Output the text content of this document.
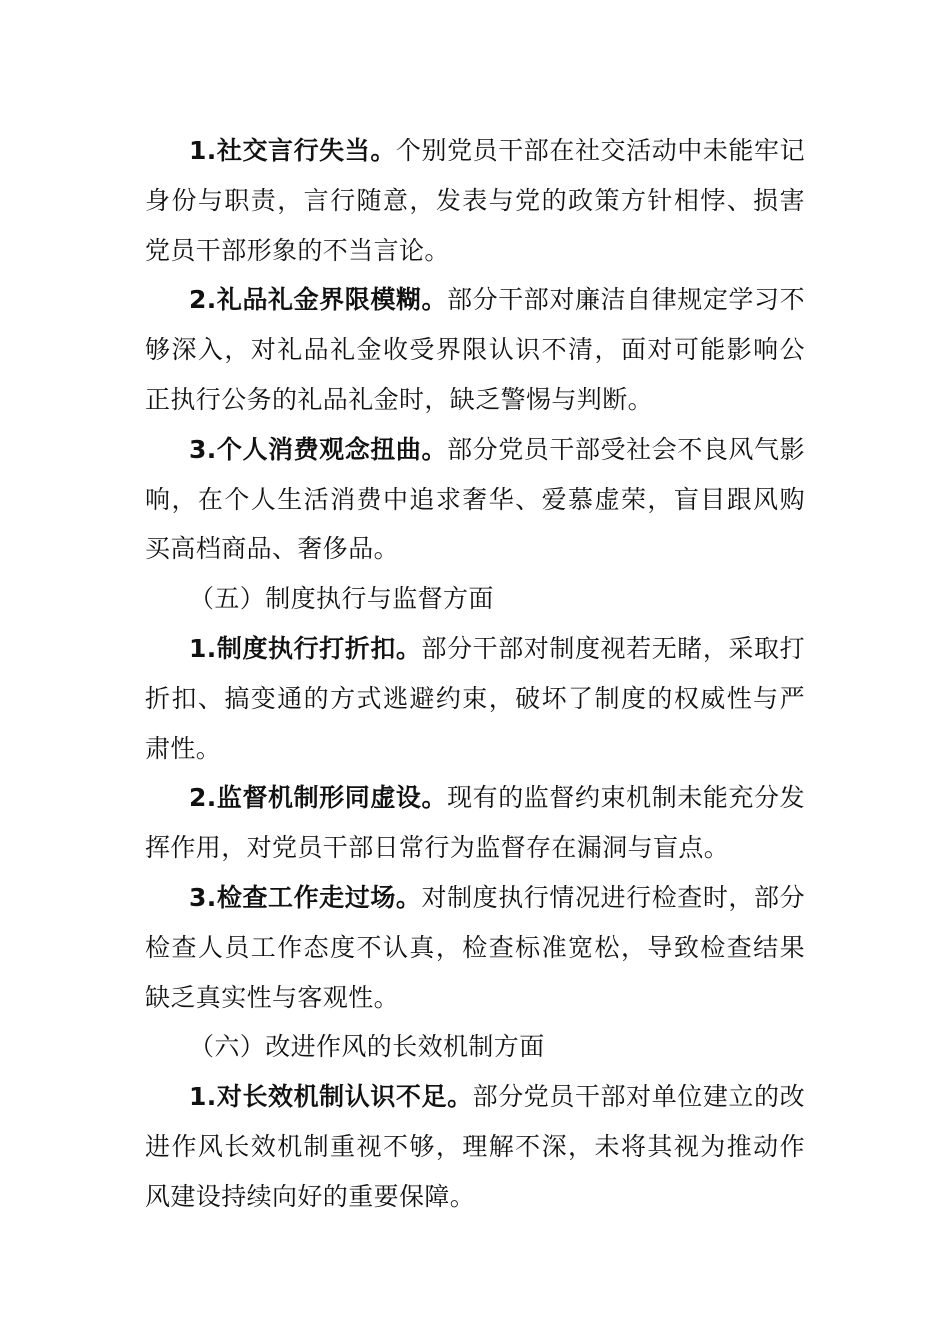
1.社交言行失当。个别党员干部在社交活动中未能牢记身份与职责，言行随意，发表与党的政策方针相悖、损害党员干部形象的不当言论。

2.礼品礼金界限模糊。部分干部对廉洁自律规定学习不够深入，对礼品礼金收受界限认识不清，面对可能影响公正执行公务的礼品礼金时，缺乏警惕与判断。

3.个人消费观念扭曲。部分党员干部受社会不良风气影响，在个人生活消费中追求奢华、爱慕虚荣，盲目跟风购买高档商品、奢侈品。

（五）制度执行与监督方面

1.制度执行打折扣。部分干部对制度视若无睹，采取打折扣、搞变通的方式逃避约束，破坏了制度的权威性与严肃性。

2.监督机制形同虚设。现有的监督约束机制未能充分发挥作用，对党员干部日常行为监督存在漏洞与盲点。

3.检查工作走过场。对制度执行情况进行检查时，部分检查人员工作态度不认真，检查标准宽松，导致检查结果缺乏真实性与客观性。

（六）改进作风的长效机制方面

1.对长效机制认识不足。部分党员干部对单位建立的改进作风长效机制重视不够，理解不深，未将其视为推动作风建设持续向好的重要保障。
